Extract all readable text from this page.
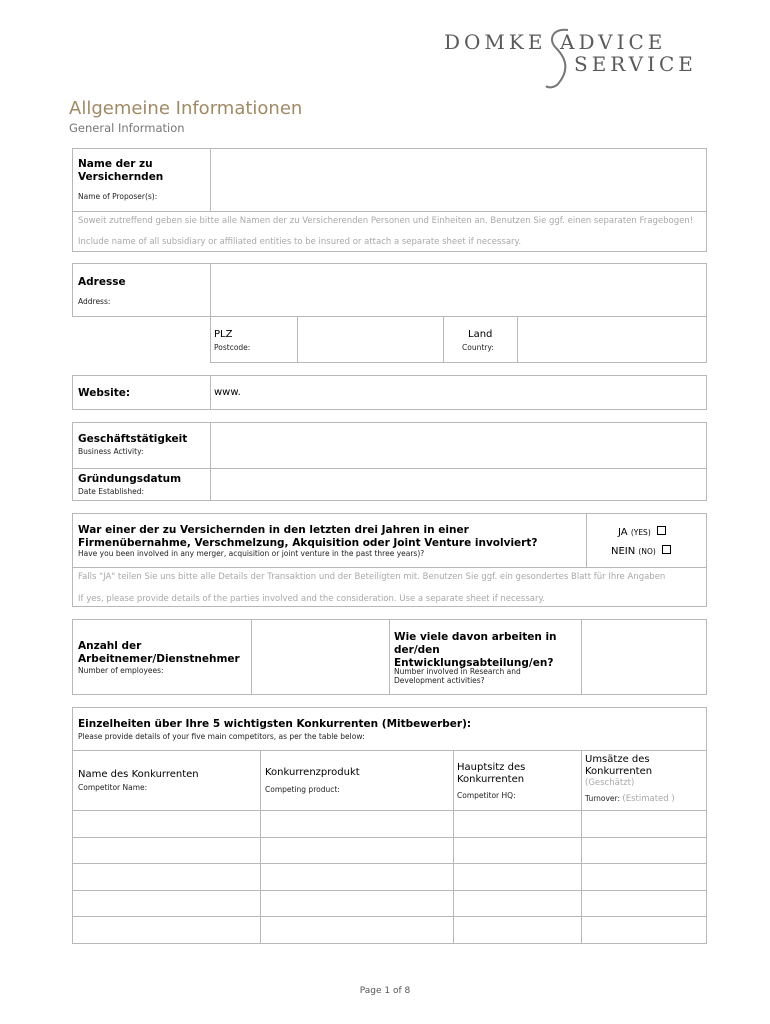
DOMKE ADVICE
SERVICE
Allgemeine Informationen
General Information
Name der zu Versichernden
Name of Proposer(s):
Soweit zutreffend geben sie bitte alle Namen der zu Versicherenden Personen und Einheiten an. Benutzen Sie ggf. einen separaten Fragebogen!
Include name of all subsidiary or affiliated entities to be insured or attach a separate sheet if necessary.
Adresse
Address:
PLZ
Postcode:
Land
Country:
Website:	www.
Geschäftstätigkeit
Business Activity:
Gründungsdatum
Date Established:
War einer der zu Versichernden in den letzten drei Jahren in einer Firmenübernahme, Verschmelzung, Akquisition oder Joint Venture involviert?
Have you been involved in any merger, acquisition or joint venture in the past three years)?
JA (YES)
NEIN (NO)
Falls "JA" teilen Sie uns bitte alle Details der Transaktion und der Beteiligten mit. Benutzen Sie ggf. ein gesondertes Blatt für Ihre Angaben
If yes, please provide details of the parties involved and the consideration. Use a separate sheet if necessary.
Anzahl der Arbeitnemer/Dienstnehmer
Number of employees:
Wie viele davon arbeiten in der/den Entwicklungsabteilung/en?
Number involved in Research and Development activities?
Einzelheiten über Ihre 5 wichtigsten Konkurrenten (Mitbewerber):
Please provide details of your five main competitors, as per the table below:
Name des Konkurrenten
Competitor Name:
Konkurrenzprodukt
Competing product:
Hauptsitz des Konkurrenten
Competitor HQ:
Umsätze des Konkurrenten
(Geschätzt)
Turnover: (Estimated )
Page 1 of 8
